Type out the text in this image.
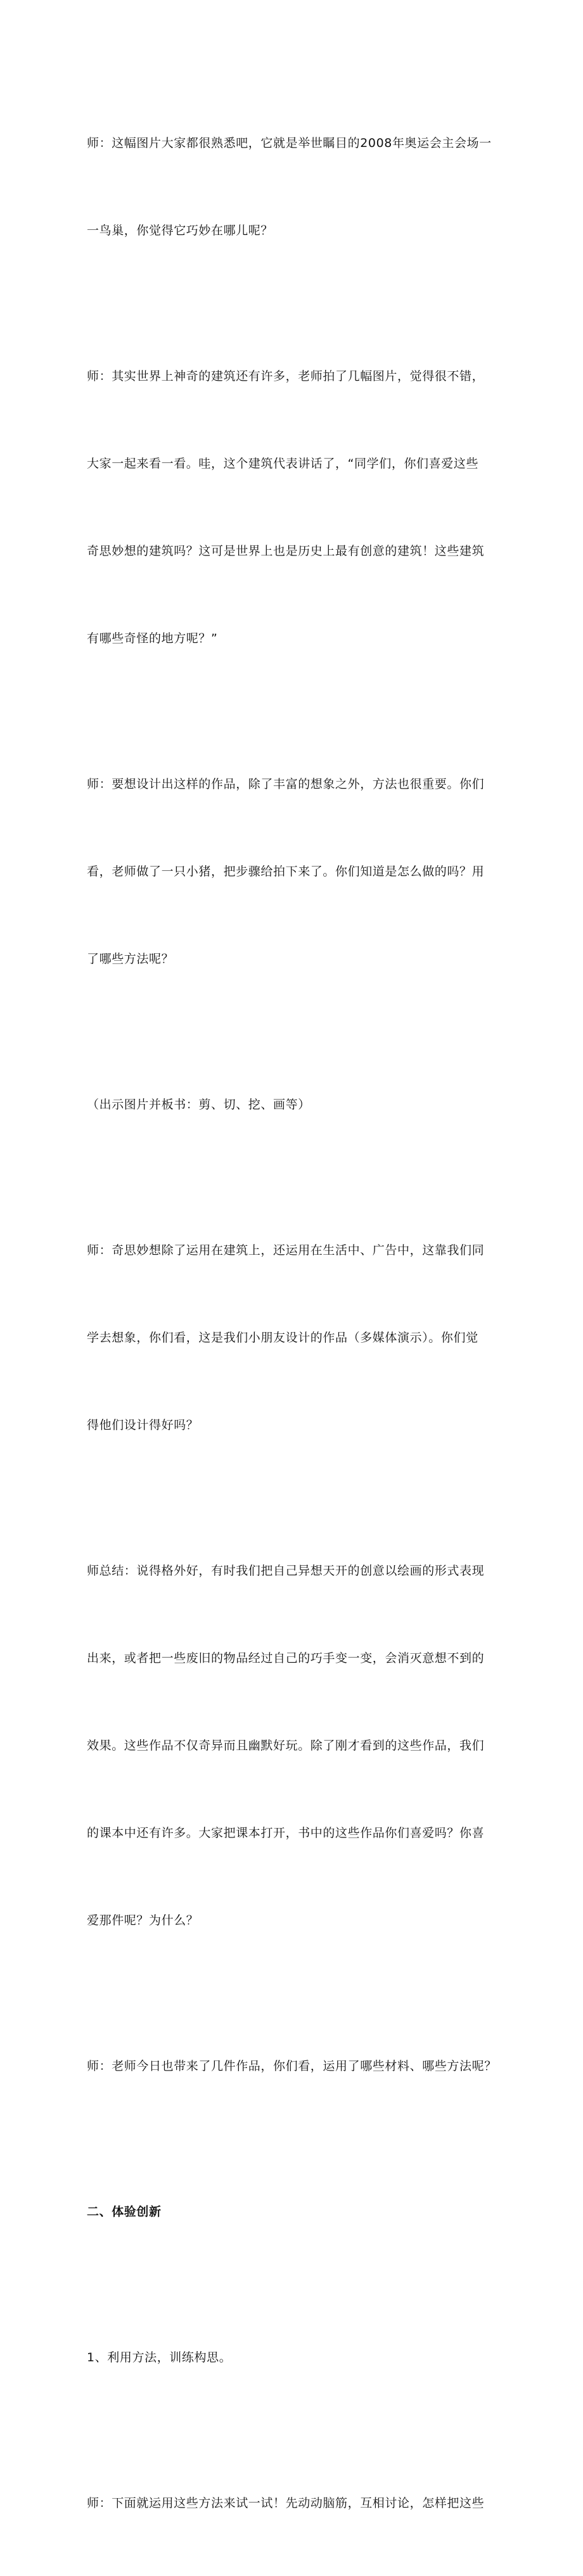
师：这幅图片大家都很熟悉吧，它就是举世瞩目的2008年奥运会主会场一

一鸟巢，你觉得它巧妙在哪儿呢？

师：其实世界上神奇的建筑还有许多，老师拍了几幅图片，觉得很不错，

大家一起来看一看。哇，这个建筑代表讲话了，“同学们，你们喜爱这些

奇思妙想的建筑吗？这可是世界上也是历史上最有创意的建筑！这些建筑

有哪些奇怪的地方呢？”

师：要想设计出这样的作品，除了丰富的想象之外，方法也很重要。你们

看，老师做了一只小猪，把步骤给拍下来了。你们知道是怎么做的吗？用

了哪些方法呢？

（出示图片并板书：剪、切、挖、画等）

师：奇思妙想除了运用在建筑上，还运用在生活中、广告中，这靠我们同

学去想象，你们看，这是我们小朋友设计的作品（多媒体演示）。你们觉

得他们设计得好吗？

师总结：说得格外好，有时我们把自己异想天开的创意以绘画的形式表现

出来，或者把一些废旧的物品经过自己的巧手变一变，会消灭意想不到的

效果。这些作品不仅奇异而且幽默好玩。除了刚才看到的这些作品，我们

的课本中还有许多。大家把课本打开，书中的这些作品你们喜爱吗？你喜

爱那件呢？为什么？

师：老师今日也带来了几件作品，你们看，运用了哪些材料、哪些方法呢？

二、体验创新

1、利用方法，训练构思。

师：下面就运用这些方法来试一试！先动动脑筋，互相讨论，怎样把这些
